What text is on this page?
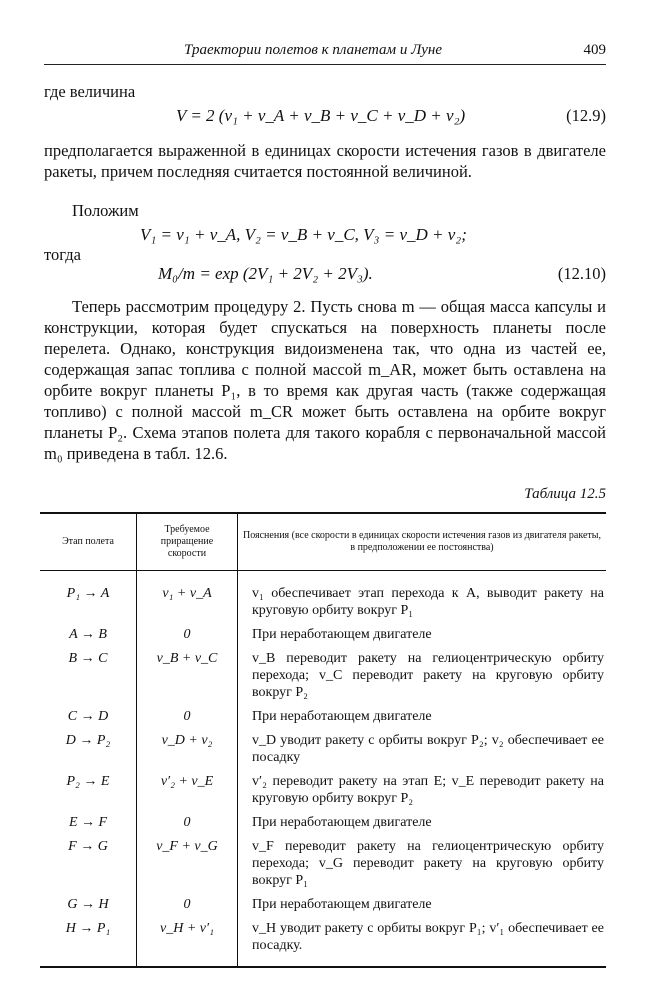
Траектории полетов к планетам и Луне	409
где величина
V = 2 (v₁ + v_A + v_B + v_C + v_D + v₂)	(12.9)
предполагается выраженной в единицах скорости истечения газов в двигателе ракеты, причем последняя считается постоянной величиной.
Положим
V₁ = v₁ + v_A, V₂ = v_B + v_C, V₃ = v_D + v₂;
тогда
M₀/m = exp (2V₁ + 2V₂ + 2V₃).	(12.10)
Теперь рассмотрим процедуру 2. Пусть снова m — общая масса капсулы и конструкции, которая будет спускаться на поверхность планеты после перелета. Однако, конструкция видоизменена так, что одна из частей ее, содержащая запас топлива с полной массой m_AR, может быть оставлена на орбите вокруг планеты P₁, в то время как другая часть (также содержащая топливо) с полной массой m_CR может быть оставлена на орбите вокруг планеты P₂. Схема этапов полета для такого корабля с первоначальной массой m₀ приведена в табл. 12.6.
Таблица 12.5
Этап полета	Требуемое приращение скорости	Пояснения (все скорости в единицах скорости истечения газов из двигателя ракеты, в предположении ее постоянства)
P₁ → A	v₁ + v_A	v₁ обеспечивает этап перехода к A, выводит ракету на круговую орбиту вокруг P₁
A → B	0	При неработающем двигателе
B → C	v_B + v_C	v_B переводит ракету на гелиоцентрическую орбиту перехода; v_C переводит ракету на круговую орбиту вокруг P₂
C → D	0	При неработающем двигателе
D → P₂	v_D + v₂	v_D уводит ракету с орбиты вокруг P₂; v₂ обеспечивает ее посадку
P₂ → E	v′₂ + v_E	v′₂ переводит ракету на этап E; v_E переводит ракету на круговую орбиту вокруг P₂
E → F	0	При неработающем двигателе
F → G	v_F + v_G	v_F переводит ракету на гелиоцентрическую орбиту перехода; v_G переводит ракету на круговую орбиту вокруг P₁
G → H	0	При неработающем двигателе
H → P₁	v_H + v′₁	v_H уводит ракету с орбиты вокруг P₁; v′₁ обеспечивает ее посадку.
